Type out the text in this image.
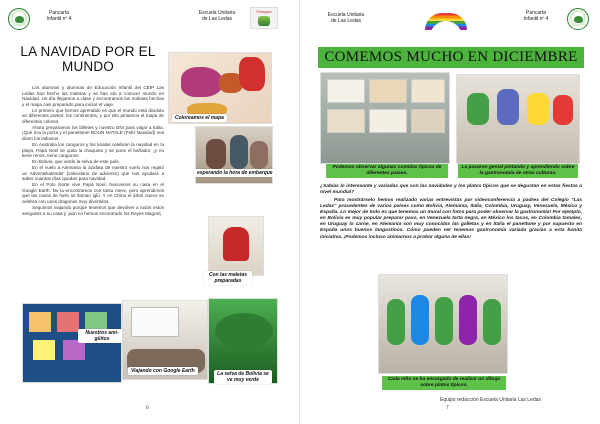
Pancarta
Infantil nº 4
Escuela Unitaria
de Las Ledas
Pelegría
LA NAVIDAD POR EL MUNDO

Los alumnos y alumnas de Educación Infantil del CEIP Las Ledas han hecho las maletas y se han ido a conocer mundo en Navidad. Un día llegamos a clase y encontramos las maletas hechas y el mapa casi preparado para iniciar el viaje.

Lo primero que hemos aprendido es que el mundo está dividido en diferentes partes: los continentes, y por ello pintamos el mapa de diferentes colores.

Ahora preparamos los billetes y nuestro DNI para viajar a Italia. ¡Qué rica la pizza y el panettone! BOUN NATALE (Feliz Navidad) nos dicen los italianos.

En Australia los canguros y los koalas celebran la navidad en la playa, Papá Noel se quita la chaqueta y se pone el bañador, ¡y no tiene renos, tiene canguros!

En Bolivia, que verde la selva de este país.

En el vuelo a Alemania la azafata de nuestro vuelo nos regaló un Adventskalender (calendario de adviento) que nos ayudará a saber cuantos días quedan para navidad.

En el Polo Norte vive Papá Noel, buscamos su casa en el Google Earth. No la encontramos con tanta nieve, pero aprendimos que las casas de hielo se llaman iglú. Y en China el árbol nuevo se celebra con unos dragones muy divertidos.

Seguimos viajando porque tenemos que devolver a todos estos amiguitos a su casa y ¡aún no hemos encontrado los Reyes Magos!¡

Coloreamos el mapa
esperando la hora de embarque
Con las maletas preparadas
Nuestros ami-
güitos
Viajando con Google Earth	La selva de Bolivia se ve muy verde
6
Escuela Unitaria
de Las Ledas
Pancarta
Infantil nº 4
COMEMOS MUCHO EN DICIEMBRE
Podemos observar algunas comidas típicas de diferentes países.
La pasaron genial pintando y aprendiendo sobre la gastronomía de otras culturas.
¿Sabías lo interesante y variadas que son las navidades y los platos típicos que se degustan en estas fiestas a nivel mundial?

Para mostrárselo hemos realizado varias entrevistas por videoconferencia a padres del Colegio "Las Ledas" procedentes de varios países como Bolivia, Alemania, Italia, Colombia, Uruguay, Venezuela, México y España. Lo mejor de todo es que tenemos un mural con fotos para poder observar la gastronomía! Por ejemplo, en Bolivia es muy popular preparar pavo, en Venezuela tarta negra, en México los tacos, en Colombia tamales, en Uruguay la carne, en Alemania son muy conocidas las galletas y en Italia el panettone y por supuesto en España unos buenos langostinos. Cómo pueden ver tenemos gastronomía variada gracias a esta bonita iniciativa. ¡Podemos incluso animarnos a probar alguna de ellas!

Cada niño se ha encargado de realizar un dibujo sobre platos típicos.
Equipo redacción Escuela Unitaria Las Ledas
7
